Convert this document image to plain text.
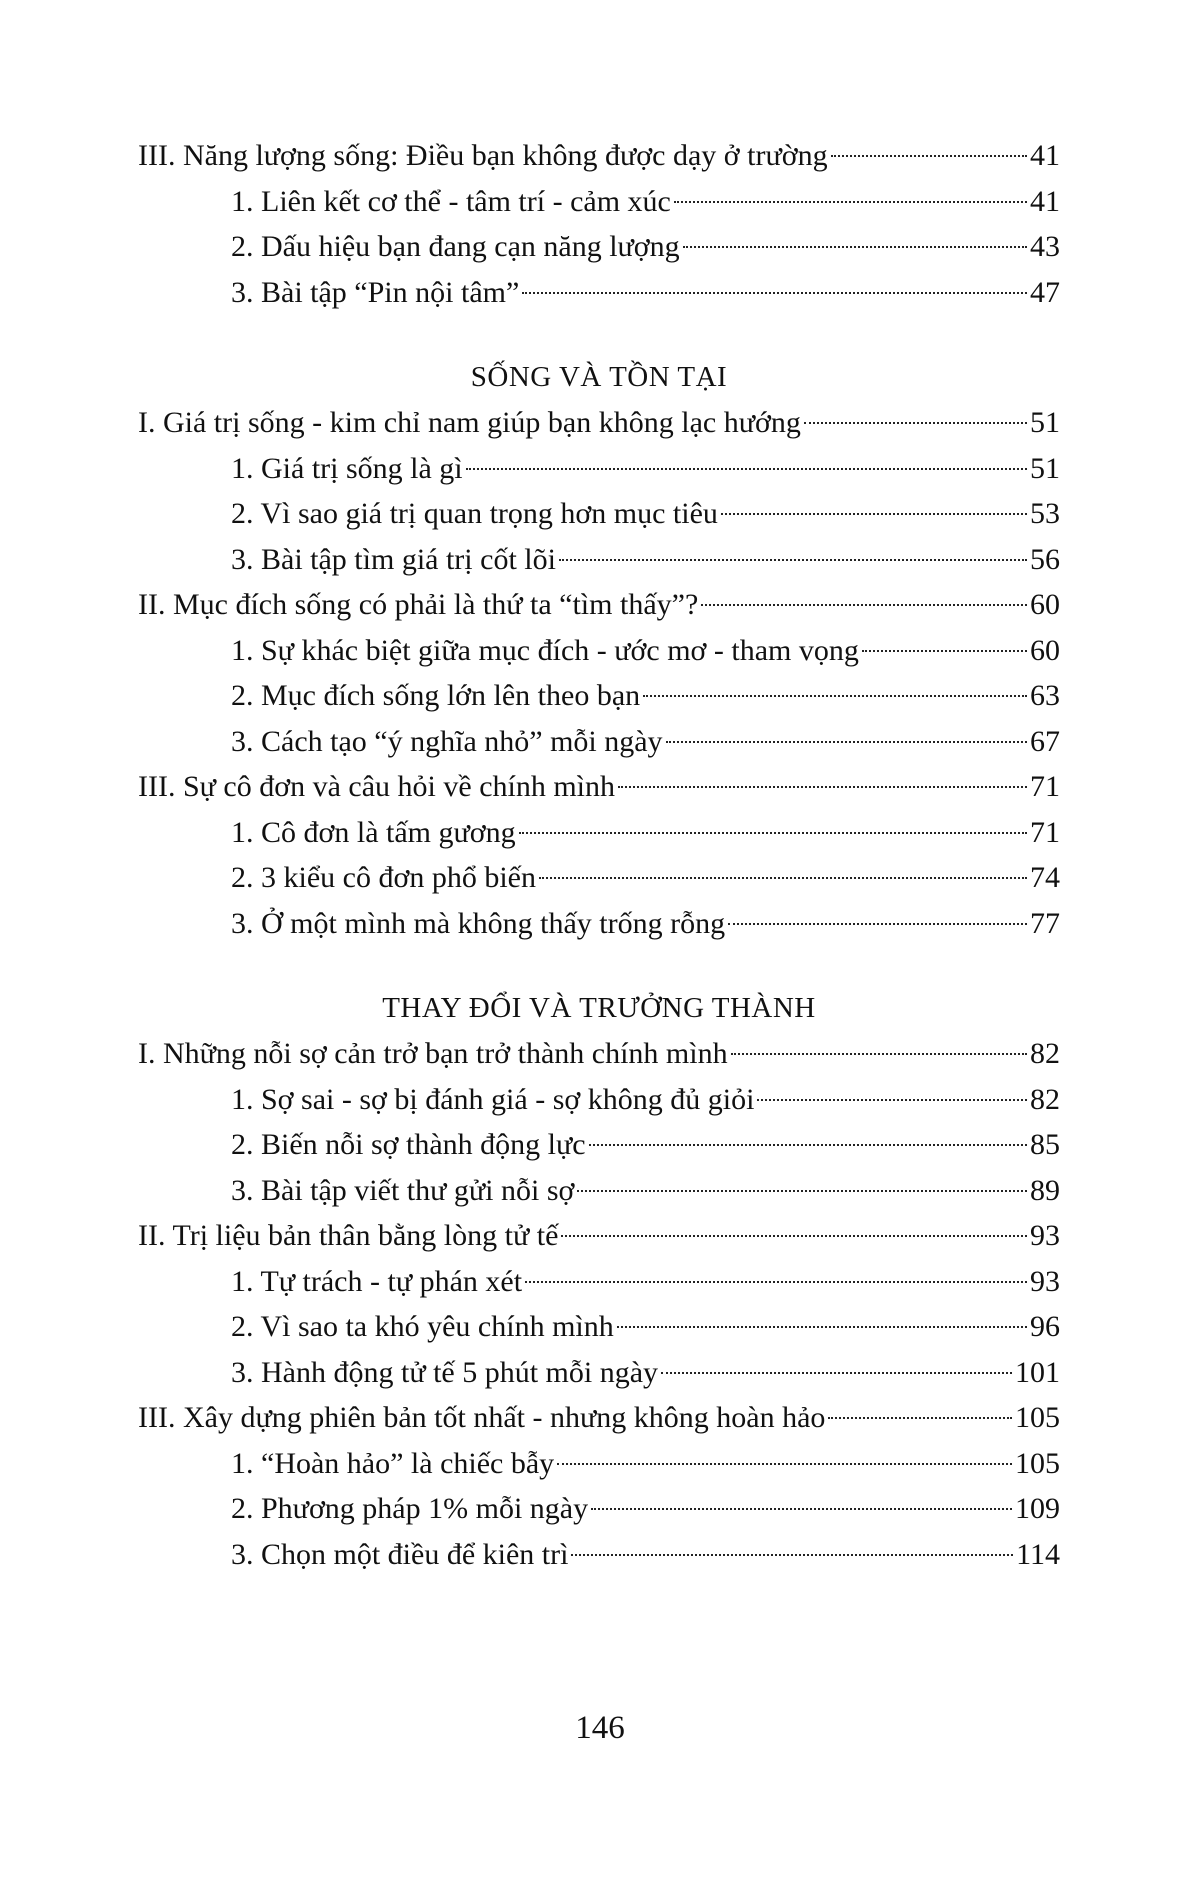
III. Năng lượng sống: Điều bạn không được dạy ở trường	41
1. Liên kết cơ thể - tâm trí - cảm xúc	41
2. Dấu hiệu bạn đang cạn năng lượng	43
3. Bài tập “Pin nội tâm”	47
SỐNG VÀ TỒN TẠI
I. Giá trị sống - kim chỉ nam giúp bạn không lạc hướng	51
1. Giá trị sống là gì	51
2. Vì sao giá trị quan trọng hơn mục tiêu	53
3. Bài tập tìm giá trị cốt lõi	56
II. Mục đích sống có phải là thứ ta “tìm thấy”?	60
1. Sự khác biệt giữa mục đích - ước mơ - tham vọng	60
2. Mục đích sống lớn lên theo bạn	63
3. Cách tạo “ý nghĩa nhỏ” mỗi ngày	67
III. Sự cô đơn và câu hỏi về chính mình	71
1. Cô đơn là tấm gương	71
2. 3 kiểu cô đơn phổ biến	74
3. Ở một mình mà không thấy trống rỗng	77
THAY ĐỔI VÀ TRƯỞNG THÀNH
I. Những nỗi sợ cản trở bạn trở thành chính mình	82
1. Sợ sai - sợ bị đánh giá - sợ không đủ giỏi	82
2. Biến nỗi sợ thành động lực	85
3. Bài tập viết thư gửi nỗi sợ	89
II. Trị liệu bản thân bằng lòng tử tế	93
1. Tự trách - tự phán xét	93
2. Vì sao ta khó yêu chính mình	96
3. Hành động tử tế 5 phút mỗi ngày	101
III. Xây dựng phiên bản tốt nhất - nhưng không hoàn hảo	105
1. “Hoàn hảo” là chiếc bẫy	105
2. Phương pháp 1% mỗi ngày	109
3. Chọn một điều để kiên trì	114
146
